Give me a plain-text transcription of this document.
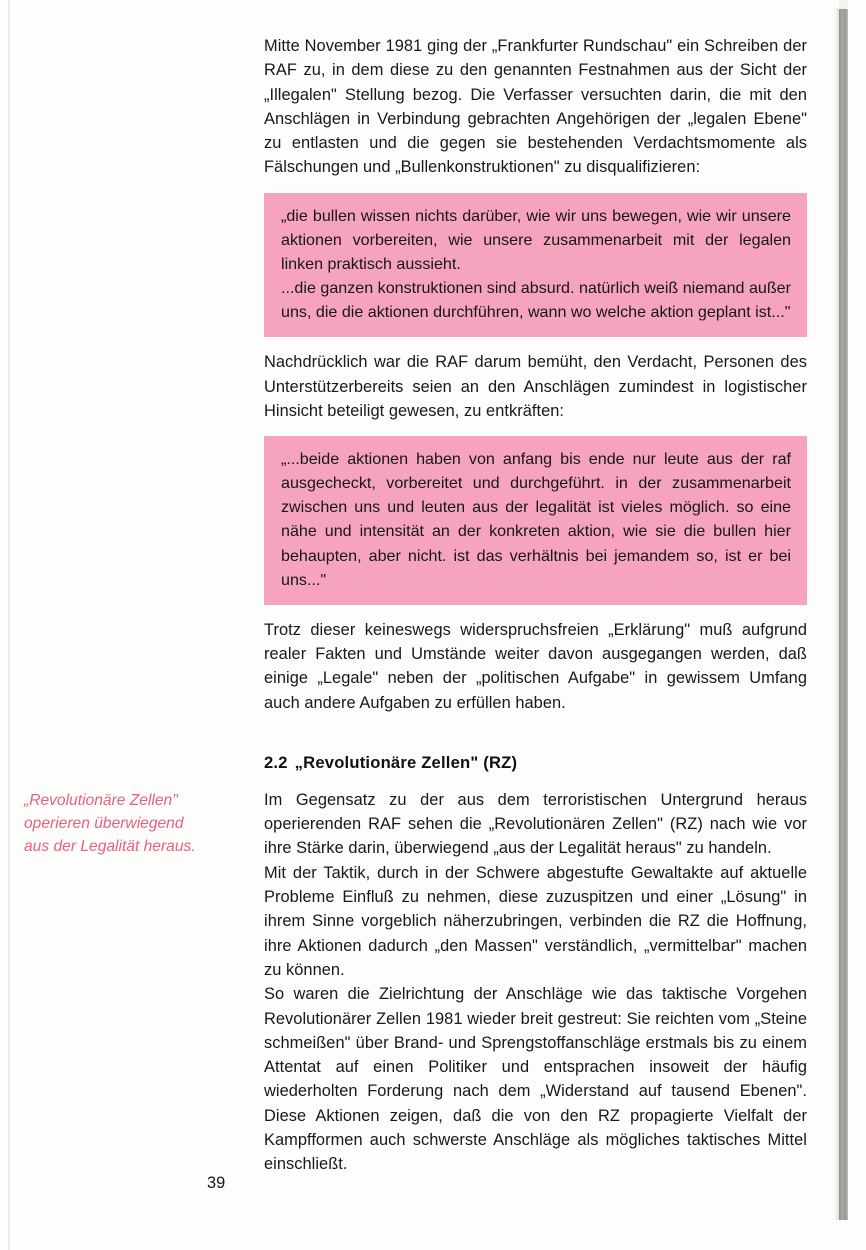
„Revolutionäre Zellen"
operieren überwiegend
aus der Legalität heraus.
39

Mitte November 1981 ging der „Frankfurter Rundschau" ein Schreiben der RAF zu, in dem diese zu den genannten Festnahmen aus der Sicht der „Illegalen" Stellung bezog. Die Verfasser versuchten darin, die mit den Anschlägen in Verbindung gebrachten Angehörigen der „legalen Ebene" zu entlasten und die gegen sie bestehenden Verdachtsmomente als Fälschungen und „Bullenkonstruktionen" zu disqualifizieren:

„die bullen wissen nichts darüber, wie wir uns bewegen, wie wir unsere aktionen vorbereiten, wie unsere zusammenarbeit mit der legalen linken praktisch aussieht.

...die ganzen konstruktionen sind absurd. natürlich weiß niemand außer uns, die die aktionen durchführen, wann wo welche aktion geplant ist..."

Nachdrücklich war die RAF darum bemüht, den Verdacht, Personen des Unterstützerbereits seien an den Anschlägen zumindest in logistischer Hinsicht beteiligt gewesen, zu entkräften:

„...beide aktionen haben von anfang bis ende nur leute aus der raf ausgecheckt, vorbereitet und durchgeführt. in der zusammenarbeit zwischen uns und leuten aus der legalität ist vieles möglich. so eine nähe und intensität an der konkreten aktion, wie sie die bullen hier behaupten, aber nicht. ist das verhältnis bei jemandem so, ist er bei uns..."

Trotz dieser keineswegs widerspruchsfreien „Erklärung" muß aufgrund realer Fakten und Umstände weiter davon ausgegangen werden, daß einige „Legale" neben der „politischen Aufgabe" in gewissem Umfang auch andere Aufgaben zu erfüllen haben.

2.2 „Revolutionäre Zellen" (RZ)

Im Gegensatz zu der aus dem terroristischen Untergrund heraus operierenden RAF sehen die „Revolutionären Zellen" (RZ) nach wie vor ihre Stärke darin, überwiegend „aus der Legalität heraus" zu handeln.

Mit der Taktik, durch in der Schwere abgestufte Gewaltakte auf aktuelle Probleme Einfluß zu nehmen, diese zuzuspitzen und einer „Lösung" in ihrem Sinne vorgeblich näherzubringen, verbinden die RZ die Hoffnung, ihre Aktionen dadurch „den Massen" verständlich, „vermittelbar" machen zu können.

So waren die Zielrichtung der Anschläge wie das taktische Vorgehen Revolutionärer Zellen 1981 wieder breit gestreut: Sie reichten vom „Steine schmeißen" über Brand- und Sprengstoffanschläge erstmals bis zu einem Attentat auf einen Politiker und entsprachen insoweit der häufig wiederholten Forderung nach dem „Widerstand auf tausend Ebenen". Diese Aktionen zeigen, daß die von den RZ propagierte Vielfalt der Kampfformen auch schwerste Anschläge als mögliches taktisches Mittel einschließt.
